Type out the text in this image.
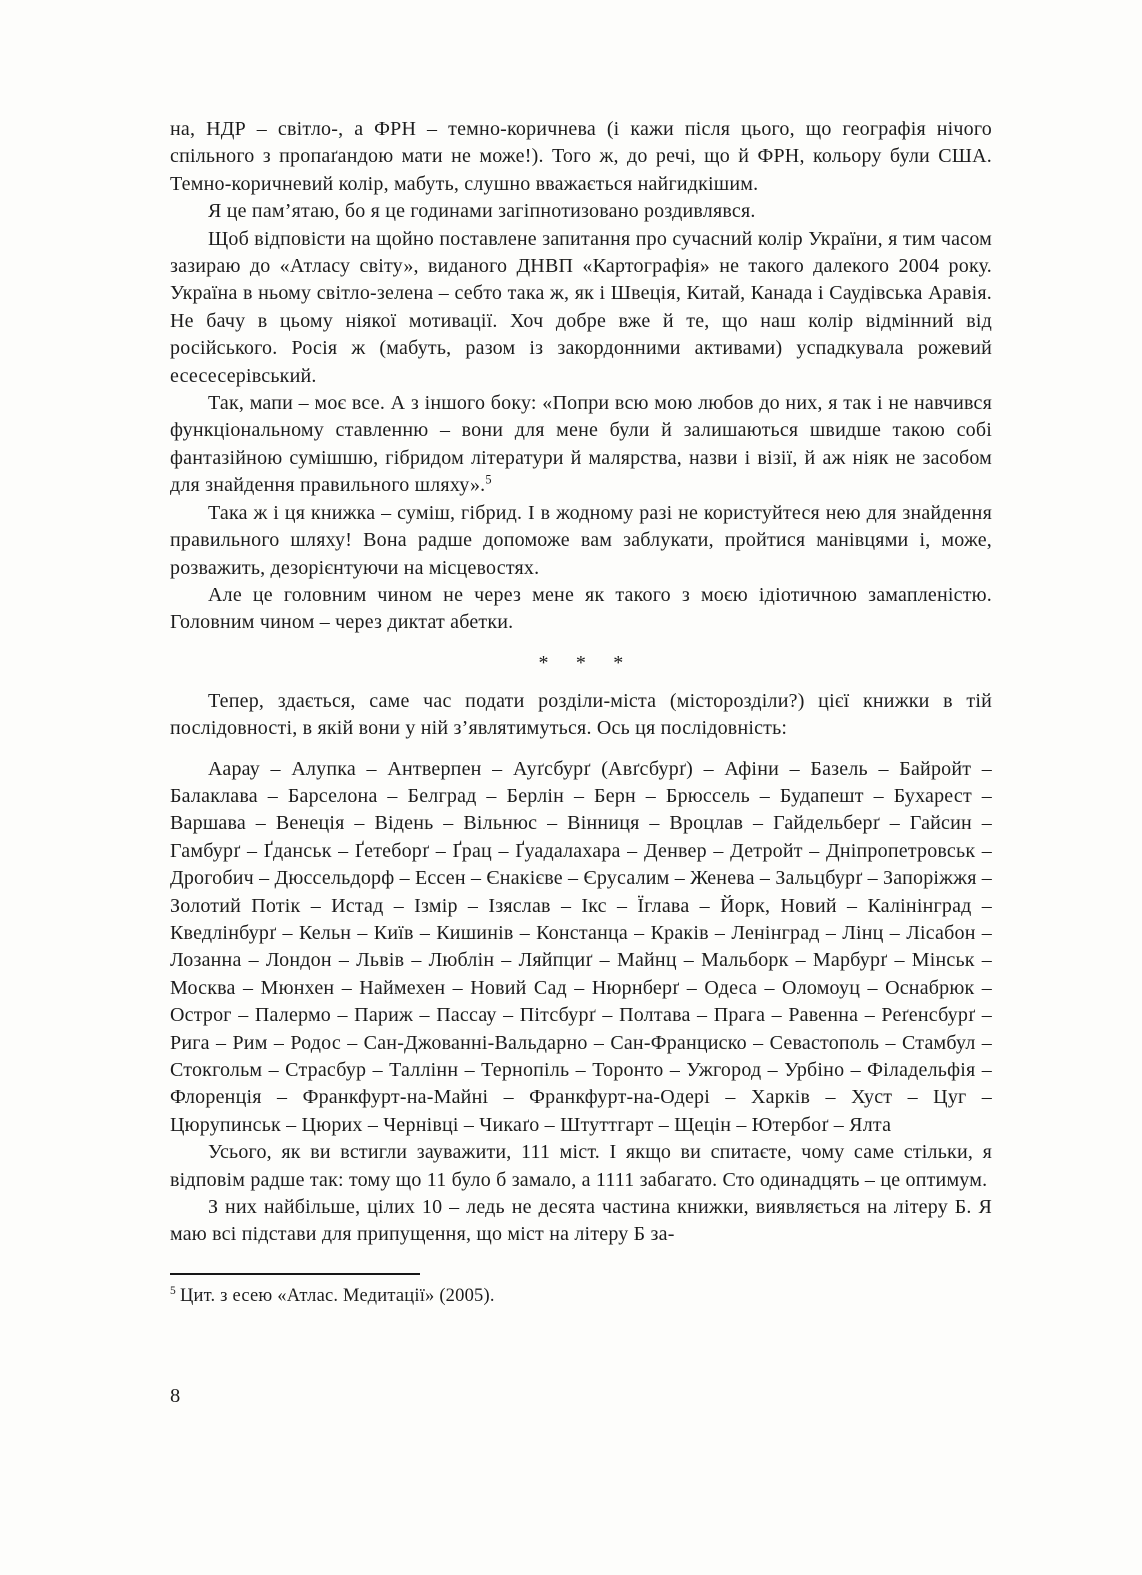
на, НДР – світло-, а ФРН – темно-коричнева (і кажи після цього, що географія нічого спільного з пропаґандою мати не може!). Того ж, до речі, що й ФРН, кольору були США. Темно-коричневий колір, мабуть, слушно вважається найгидкішим.

Я це пам’ятаю, бо я це годинами загіпнотизовано роздивлявся.

Щоб відповісти на щойно поставлене запитання про сучасний колір України, я тим часом зазираю до «Атласу світу», виданого ДНВП «Картографія» не такого далекого 2004 року. Україна в ньому світло-зелена – себто така ж, як і Швеція, Китай, Канада і Саудівська Аравія. Не бачу в цьому ніякої мотивації. Хоч добре вже й те, що наш колір відмінний від російського. Росія ж (мабуть, разом із закордонними активами) успадкувала рожевий есесесерівський.

Так, мапи – моє все. А з іншого боку: «Попри всю мою любов до них, я так і не навчився функціональному ставленню – вони для мене були й залишаються швидше такою собі фантазійною сумішшю, гібридом літератури й малярства, назви і візії, й аж ніяк не засобом для знайдення правильного шляху».$^5$

Така ж і ця книжка – суміш, гібрид. І в жодному разі не користуйтеся нею для знайдення правильного шляху! Вона радше допоможе вам заблукати, пройтися манівцями і, може, розважить, дезорієнтуючи на місцевостях.

Але це головним чином не через мене як такого з моєю ідіотичною замапленістю. Головним чином – через диктат абетки.

* * *

Тепер, здається, саме час подати розділи-міста (місторозділи?) цієї книжки в тій послідовності, в якій вони у ній з’являтимуться. Ось ця послідовність:

Аарау – Алупка – Антверпен – Ауґсбурґ (Авґсбурґ) – Афіни – Базель – Байройт – Балаклава – Барселона – Белград – Берлін – Берн – Брюссель – Будапешт – Бухарест – Варшава – Венеція – Відень – Вільнюс – Вінниця – Вроцлав – Гайдельберґ – Гайсин – Гамбурґ – Ґданськ – Ґетеборґ – Ґрац – Ґуадалахара – Денвер – Детройт – Дніпропетровськ – Дрогобич – Дюссельдорф – Ессен – Єнакієве – Єрусалим – Женева – Зальцбурґ – Запоріжжя – Золотий Потік – Истад – Ізмір – Ізяслав – Ікс – Їглава – Йорк, Новий – Калінінград – Кведлінбурґ – Кельн – Київ – Кишинів – Констанца – Краків – Ленінград – Лінц – Лісабон – Лозанна – Лондон – Львів – Люблін – Ляйпциґ – Майнц – Мальборк – Марбурґ – Мінськ – Москва – Мюнхен – Наймехен – Новий Сад – Нюрнберґ – Одеса – Оломоуц – Оснабрюк – Острог – Палермо – Париж – Пассау – Пітсбурґ – Полтава – Прага – Равенна – Реґенсбурґ – Рига – Рим – Родос – Сан-Джованні-Вальдарно – Сан-Франциско – Севастополь – Стамбул – Стокгольм – Страсбур – Таллінн – Тернопіль – Торонто – Ужгород – Урбіно – Філадельфія – Флоренція – Франкфурт-на-Майні – Франкфурт-на-Одері – Харків – Хуст – Цуг – Цюрупинськ – Цюрих – Чернівці – Чикаґо – Штуттгарт – Щецін – Ютербоґ – Ялта

Усього, як ви встигли зауважити, 111 міст. І якщо ви спитаєте, чому саме стільки, я відповім радше так: тому що 11 було б замало, а 1111 забагато. Сто одинадцять – це оптимум.

З них найбільше, цілих 10 – ледь не десята частина книжки, виявляється на літеру Б. Я маю всі підстави для припущення, що міст на літеру Б за-

$^5$ Цит. з есею «Атлас. Медитації» (2005).
8
